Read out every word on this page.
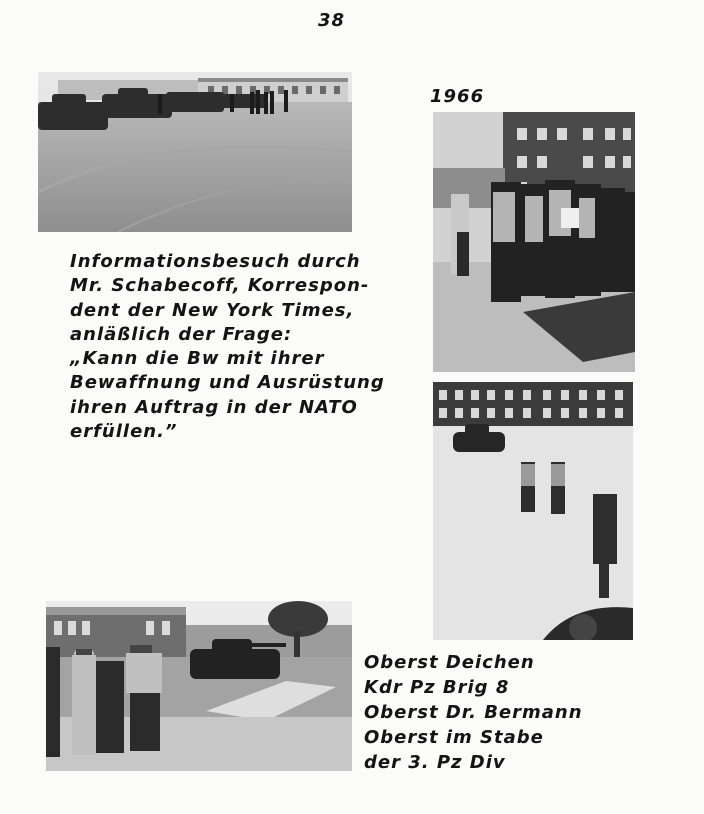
38
1966
Informationsbesuch durch
Mr. Schabecoff, Korrespon-
dent der New York Times,
anläßlich der Frage:
„Kann die Bw mit ihrer
Bewaffnung und Ausrüstung
ihren Auftrag in der NATO
erfüllen.”
Oberst Deichen
Kdr Pz Brig 8
Oberst Dr. Bermann
Oberst im Stabe
der 3. Pz Div
